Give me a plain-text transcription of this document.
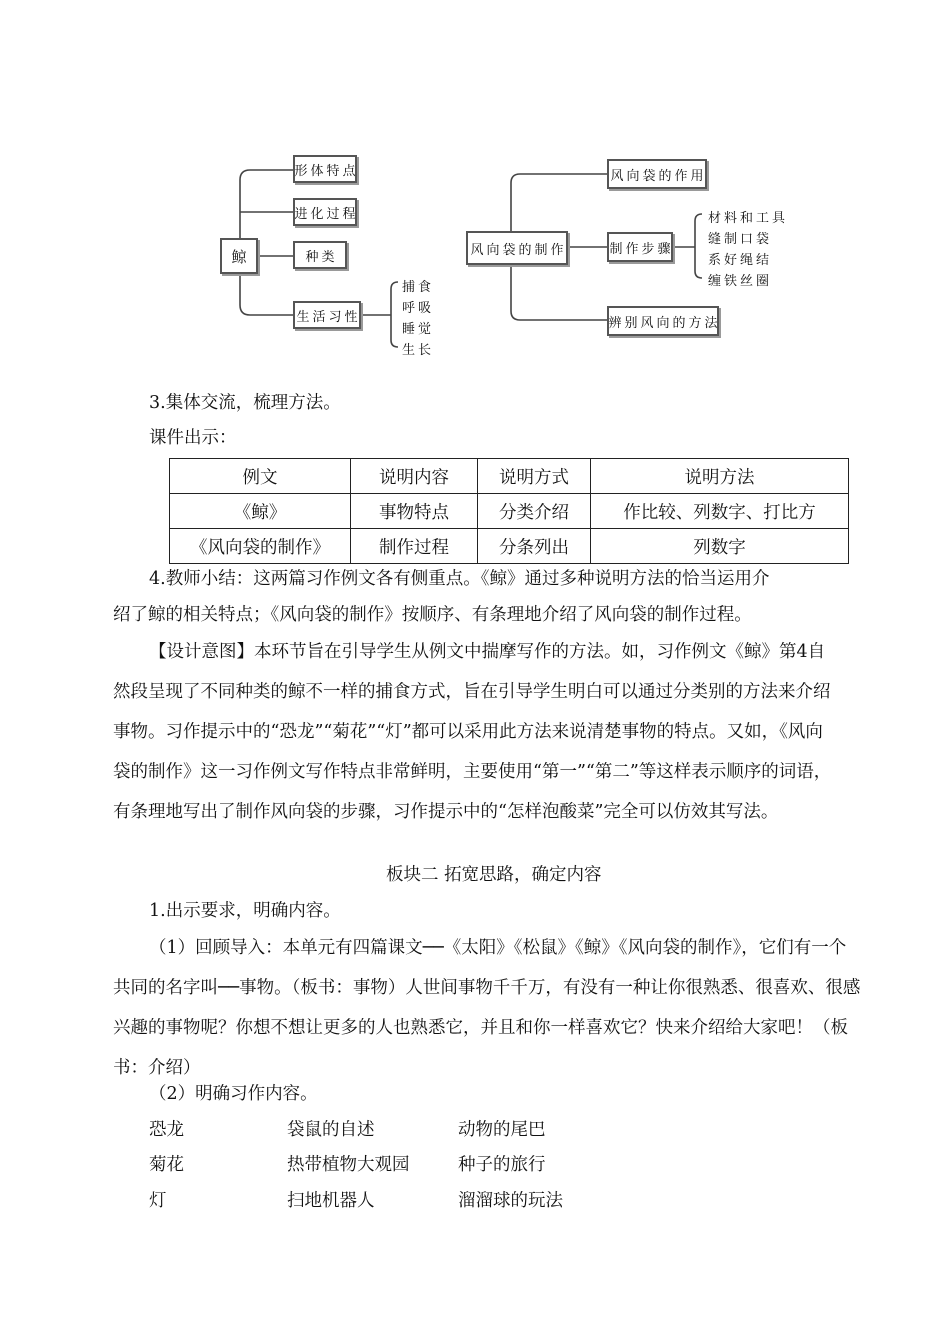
鲸
形体特点
进化过程
种类
生活习性
捕食
呼吸
睡觉
生长
风向袋的制作
风向袋的作用
制作步骤
辨别风向的方法
材料和工具
缝制口袋
系好绳结
缠铁丝圈
3.集体交流，梳理方法。
课件出示：
例文	说明内容	说明方式	说明方法
《鲸》	事物特点	分类介绍	作比较、列数字、打比方
《风向袋的制作》	制作过程	分条列出	列数字
4.教师小结：这两篇习作例文各有侧重点。《鲸》通过多种说明方法的恰当运用介
绍了鲸的相关特点；《风向袋的制作》按顺序、有条理地介绍了风向袋的制作过程。
【设计意图】本环节旨在引导学生从例文中揣摩写作的方法。如，习作例文《鲸》第4自然段呈现了不同种类的鲸不一样的捕食方式，旨在引导学生明白可以通过分类别的方法来介绍事物。习作提示中的“恐龙”“菊花”“灯”都可以采用此方法来说清楚事物的特点。又如，《风向袋的制作》这一习作例文写作特点非常鲜明，主要使用“第一”“第二”等这样表示顺序的词语，有条理地写出了制作风向袋的步骤，习作提示中的“怎样泡酸菜”完全可以仿效其写法。
板块二 拓宽思路，确定内容
1.出示要求，明确内容。
（1）回顾导入：本单元有四篇课文──《太阳》《松鼠》《鲸》《风向袋的制作》，它们有一个共同的名字叫──事物。（板书：事物）人世间事物千千万，有没有一种让你很熟悉、很喜欢、很感兴趣的事物呢？你想不想让更多的人也熟悉它，并且和你一样喜欢它？快来介绍给大家吧！（板书：介绍）
（2）明确习作内容。
恐龙	袋鼠的自述	动物的尾巴
菊花	热带植物大观园	种子的旅行
灯	扫地机器人	溜溜球的玩法
